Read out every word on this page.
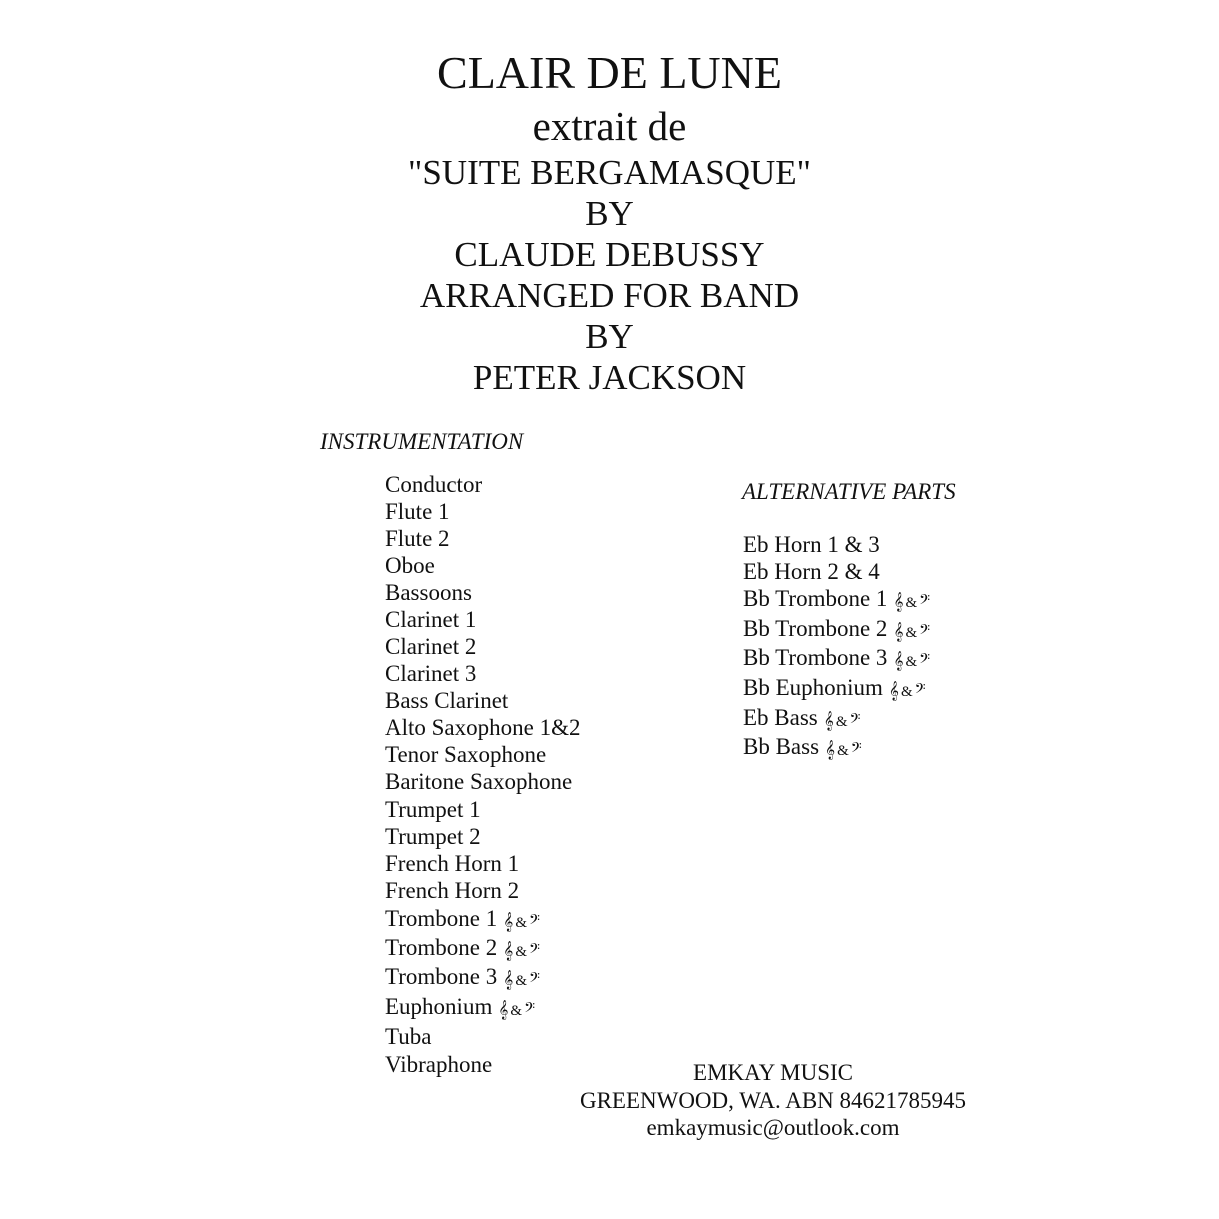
CLAIR DE LUNE
extrait de
"SUITE BERGAMASQUE"
BY
CLAUDE DEBUSSY
ARRANGED FOR BAND
BY
PETER JACKSON
INSTRUMENTATION
Conductor
Flute 1
Flute 2
Oboe
Bassoons
Clarinet 1
Clarinet 2
Clarinet 3
Bass Clarinet
Alto Saxophone 1&2
Tenor Saxophone
Baritone Saxophone
Trumpet 1
Trumpet 2
French Horn 1
French Horn 2
Trombone 1 𝄞 & 𝄢
Trombone 2 𝄞 & 𝄢
Trombone 3 𝄞 & 𝄢
Euphonium 𝄞 & 𝄢
Tuba
Vibraphone
ALTERNATIVE PARTS
Eb Horn 1 & 3
Eb Horn 2 & 4
Bb Trombone 1 𝄞 & 𝄢
Bb Trombone 2 𝄞 & 𝄢
Bb Trombone 3 𝄞 & 𝄢
Bb Euphonium 𝄞 & 𝄢
Eb Bass 𝄞 & 𝄢
Bb Bass 𝄞 & 𝄢
EMKAY MUSIC
GREENWOOD, WA. ABN 84621785945
emkaymusic@outlook.com
